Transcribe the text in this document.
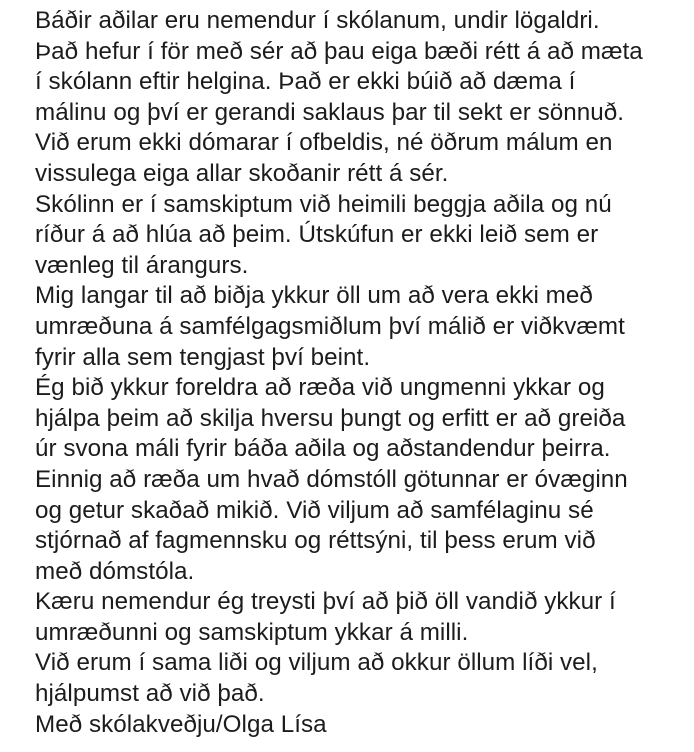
Báðir aðilar eru nemendur í skólanum, undir lögaldri.
Það hefur í för með sér að þau eiga bæði rétt á að mæta
í skólann eftir helgina. Það er ekki búið að dæma í
málinu og því er gerandi saklaus þar til sekt er sönnuð.
Við erum ekki dómarar í ofbeldis, né öðrum málum en
vissulega eiga allar skoðanir rétt á sér.
Skólinn er í samskiptum við heimili beggja aðila og nú
ríður á að hlúa að þeim. Útskúfun er ekki leið sem er
vænleg til árangurs.
Mig langar til að biðja ykkur öll um að vera ekki með
umræðuna á samfélgagsmiðlum því málið er viðkvæmt
fyrir alla sem tengjast því beint.
Ég bið ykkur foreldra að ræða við ungmenni ykkar og
hjálpa þeim að skilja hversu þungt og erfitt er að greiða
úr svona máli fyrir báða aðila og aðstandendur þeirra.
Einnig að ræða um hvað dómstóll götunnar er óvæginn
og getur skaðað mikið. Við viljum að samfélaginu sé
stjórnað af fagmennsku og réttsýni, til þess erum við
með dómstóla.
Kæru nemendur ég treysti því að þið öll vandið ykkur í
umræðunni og samskiptum ykkar á milli.
Við erum í sama liði og viljum að okkur öllum líði vel,
hjálpumst að við það.
Með skólakveðju/Olga Lísa
